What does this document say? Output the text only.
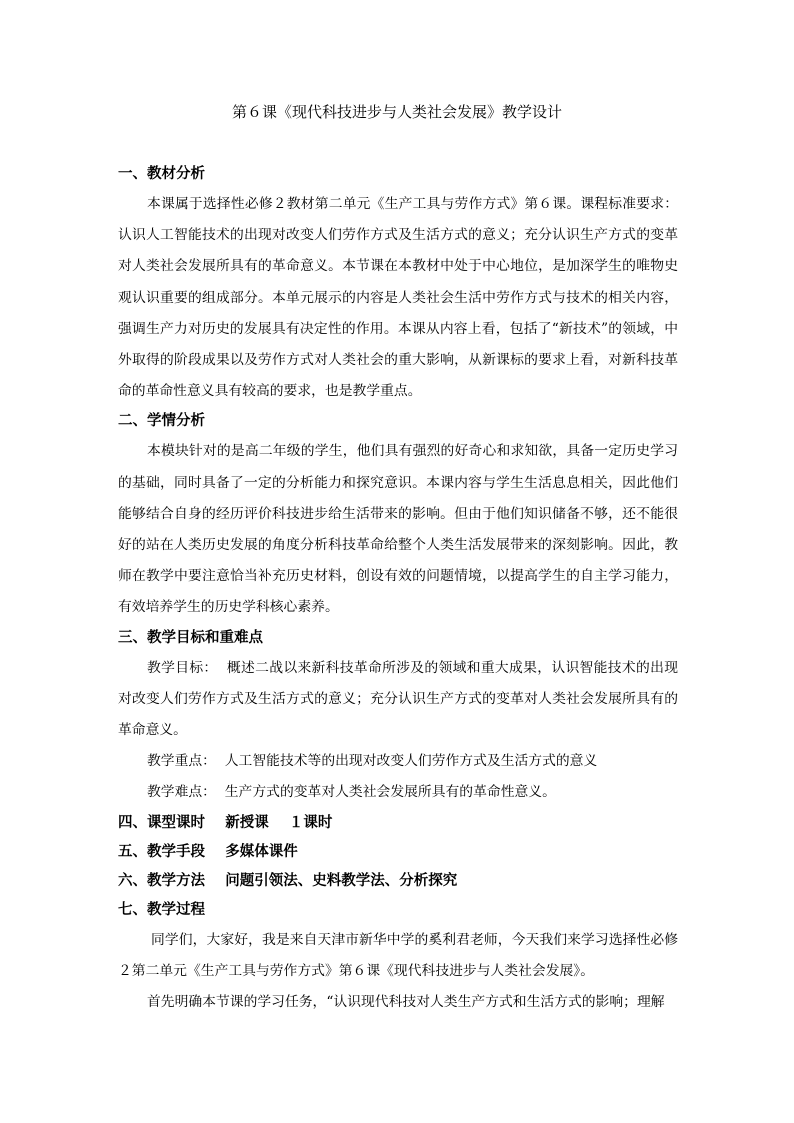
第６课《现代科技进步与人类社会发展》教学设计

一、教材分析

本课属于选择性必修２教材第二单元《生产工具与劳作方式》第６课。课程标准要求：认识人工智能技术的出现对改变人们劳作方式及生活方式的意义；充分认识生产方式的变革对人类社会发展所具有的革命意义。本节课在本教材中处于中心地位，是加深学生的唯物史观认识重要的组成部分。本单元展示的内容是人类社会生活中劳作方式与技术的相关内容，强调生产力对历史的发展具有决定性的作用。本课从内容上看，包括了“新技术”的领域，中外取得的阶段成果以及劳作方式对人类社会的重大影响，从新课标的要求上看，对新科技革命的革命性意义具有较高的要求，也是教学重点。

二、学情分析

本模块针对的是高二年级的学生，他们具有强烈的好奇心和求知欲，具备一定历史学习的基础，同时具备了一定的分析能力和探究意识。本课内容与学生生活息息相关，因此他们能够结合自身的经历评价科技进步给生活带来的影响。但由于他们知识储备不够，还不能很好的站在人类历史发展的角度分析科技革命给整个人类生活发展带来的深刻影响。因此，教师在教学中要注意恰当补充历史材料，创设有效的问题情境，以提高学生的自主学习能力，有效培养学生的历史学科核心素养。

三、教学目标和重难点

教学目标： 概述二战以来新科技革命所涉及的领域和重大成果，认识智能技术的出现对改变人们劳作方式及生活方式的意义；充分认识生产方式的变革对人类社会发展所具有的革命意义。

教学重点： 人工智能技术等的出现对改变人们劳作方式及生活方式的意义

教学难点： 生产方式的变革对人类社会发展所具有的革命性意义。

四、课型课时 新授课 １课时

五、教学手段 多媒体课件

六、教学方法 问题引领法、史料教学法、分析探究

七、教学过程

同学们，大家好，我是来自天津市新华中学的奚利君老师，今天我们来学习选择性必修２第二单元《生产工具与劳作方式》第６课《现代科技进步与人类社会发展》。

首先明确本节课的学习任务，“认识现代科技对人类生产方式和生活方式的影响；理解
